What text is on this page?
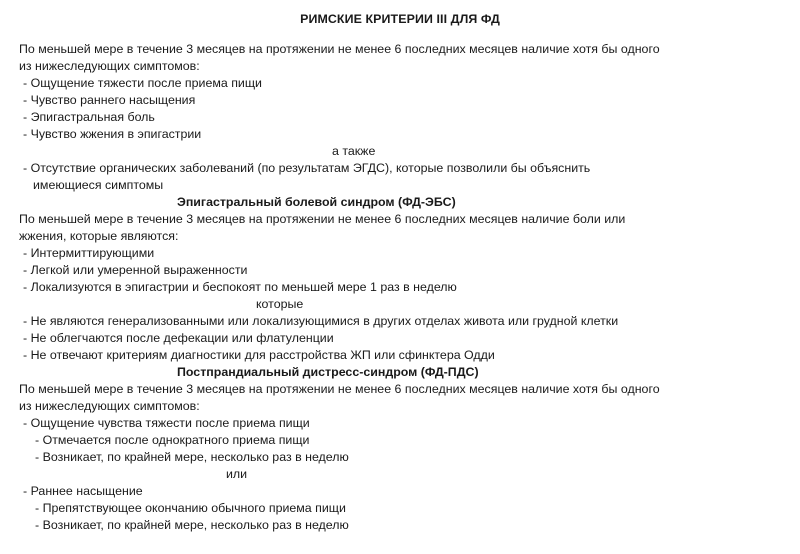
РИМСКИЕ КРИТЕРИИ III ДЛЯ ФД
По меньшей мере в течение 3 месяцев на протяжении не менее 6 последних месяцев наличие хотя бы одного
из нижеследующих симптомов:
- Ощущение тяжести после приема пищи
- Чувство раннего насыщения
- Эпигастральная боль
- Чувство жжения в эпигастрии
а также
- Отсутствие органических заболеваний (по результатам ЭГДС), которые позволили бы объяснить
имеющиеся симптомы
Эпигастральный болевой синдром (ФД-ЭБС)
По меньшей мере в течение 3 месяцев на протяжении не менее 6 последних месяцев наличие боли или
жжения, которые являются:
- Интермиттирующими
- Легкой или умеренной выраженности
- Локализуются в эпигастрии и беспокоят по меньшей мере 1 раз в неделю
которые
- Не являются генерализованными или локализующимися в других отделах живота или грудной клетки
- Не облегчаются после дефекации или флатуленции
- Не отвечают критериям диагностики для расстройства ЖП или сфинктера Одди
Постпрандиальный дистресс-синдром (ФД-ПДС)
По меньшей мере в течение 3 месяцев на протяжении не менее 6 последних месяцев наличие хотя бы одного
из нижеследующих симптомов:
- Ощущение чувства тяжести после приема пищи
- Отмечается после однократного приема пищи
- Возникает, по крайней мере, несколько раз в неделю
или
- Раннее насыщение
- Препятствующее окончанию обычного приема пищи
- Возникает, по крайней мере, несколько раз в неделю
